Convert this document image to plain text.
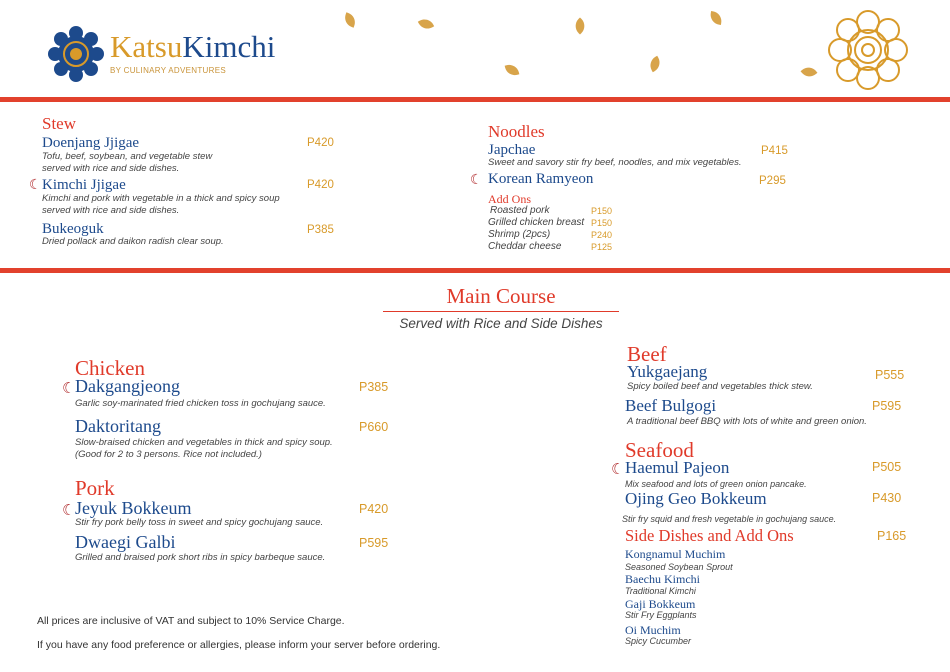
KatsuKimchi
BY CULINARY ADVENTURES
Stew
Doenjang Jjigae	P420
Tofu, beef, soybean, and vegetable stew
served with rice and side dishes.
☾ Kimchi Jjigae	P420
Kimchi and pork with vegetable in a thick and spicy soup
served with rice and side dishes.
Bukeoguk	P385
Dried pollack and daikon radish clear soup.
Noodles
Japchae	P415
Sweet and savory stir fry beef, noodles, and mix vegetables.
☾ Korean Ramyeon	P295
Add Ons
Roasted pork	P150
Grilled chicken breast P150
Shrimp (2pcs)	P240
Cheddar cheese	P125
Main Course
Served with Rice and Side Dishes
Chicken
☾ Dakgangjeong	P385
Garlic soy-marinated fried chicken toss in gochujang sauce.
Daktoritang	P660
Slow-braised chicken and vegetables in thick and spicy soup.
(Good for 2 to 3 persons. Rice not included.)
Pork
☾ Jeyuk Bokkeum	P420
Stir fry pork belly toss in sweet and spicy gochujang sauce.
Dwaegi Galbi	P595
Grilled and braised pork short ribs in spicy barbeque sauce.
Beef
Yukgaejang	P555
Spicy boiled beef and vegetables thick stew.
Beef Bulgogi	P595
A traditional beef BBQ with lots of white and green onion.
Seafood
☾ Haemul Pajeon	P505
Mix seafood and lots of green onion pancake.
Ojing Geo Bokkeum	P430
Stir fry squid and fresh vegetable in gochujang sauce.
Side Dishes and Add Ons	P165
Kongnamul Muchim
Seasoned Soybean Sprout
Baechu Kimchi
Traditional Kimchi
Gaji Bokkeum
Stir Fry Eggplants
Oi Muchim
Spicy Cucumber
All prices are inclusive of VAT and subject to 10% Service Charge.
If you have any food preference or allergies, please inform your server before ordering.
